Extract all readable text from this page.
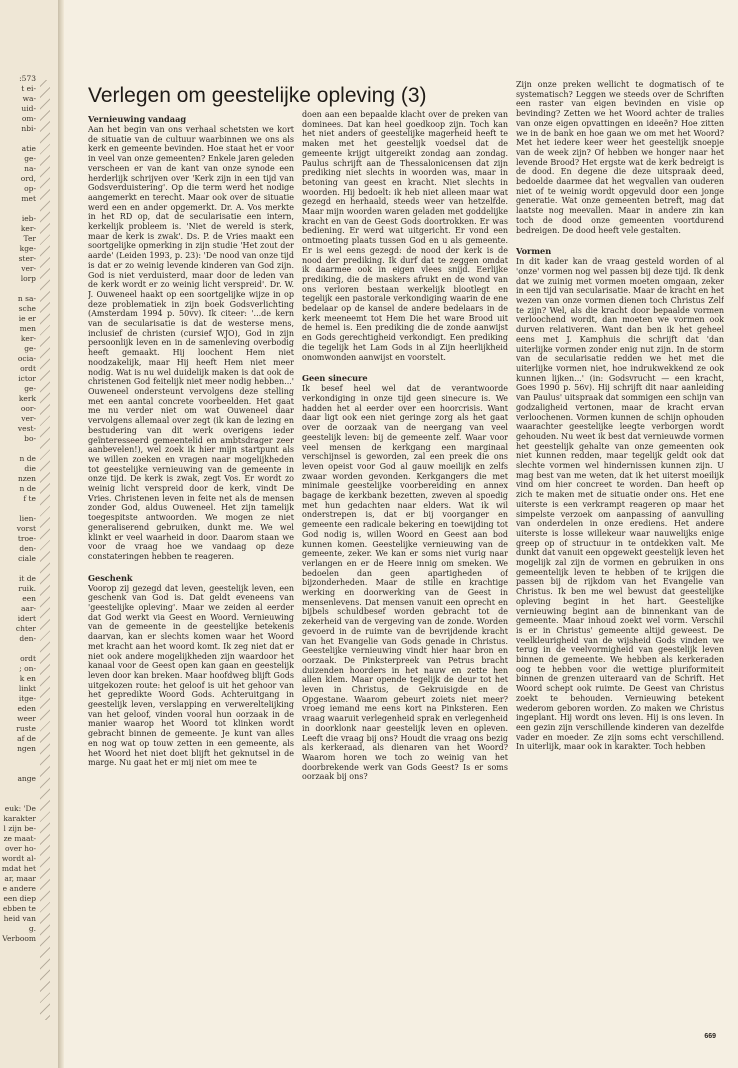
:573
t ei-
wa-
uid-
om-
nbi-

atie
ge-
na-
ord,
op-
met

ieb-
ker-
Ter
kge-
ster-
ver-
lorp

n sa-
sche
ie er
men
ker-
ge-
ocia-
ordt
ictor
ge-
kerk
oor-
ver-
vest-
bo-

n de
die
nzen
n de
f te

lien-
vorst
troe-
den-
ciale

it de
ruik.
een
aar-
idert
chter
den-

ordt
; on-
k en
linkt
itge-
eden
weer
ruste
af de
ngen

ange

euk: 'De
karakter
l zijn be-
ze maat-
over ho-
wordt al-
mdat het
ar, maar
e andere
een diep
ebben te
heid van
g.
Verboom
Verlegen om geestelijke opleving (3)
Vernieuwing vandaag

Aan het begin van ons verhaal schetsten we kort de situatie van de cultuur waarbinnen we ons als kerk en gemeente bevinden. Hoe staat het er voor in veel van onze gemeenten? Enkele jaren geleden verscheen er van de kant van onze synode een herderlijk schrijven over 'Kerk zijn in een tijd van Godsverduistering'. Op die term werd het nodige aangemerkt en terecht. Maar ook over de situatie werd een en ander opgemerkt. Dr. A. Vos merkte in het RD op, dat de secularisatie een intern, kerkelijk probleem is. 'Niet de wereld is sterk, maar de kerk is zwak'. Ds. P. de Vries maakt een soortgelijke opmerking in zijn studie 'Het zout der aarde' (Leiden 1993, p. 23): 'De nood van onze tijd is dat er zo weinig levende kinderen van God zijn. God is niet verduisterd, maar door de leden van de kerk wordt er zo weinig licht verspreid'. Dr. W. J. Ouweneel haakt op een soortgelijke wijze in op deze problematiek in zijn boek Godsverlichting (Amsterdam 1994 p. 50vv). Ik citeer: '...de kern van de secularisatie is dat de westerse mens, inclusief de christen (cursief WJO), God in zijn persoonlijk leven en in de samenleving overbodig heeft gemaakt. Hij loochent Hem niet noodzakelijk, maar Hij heeft Hem niet meer nodig. Wat is nu wel duidelijk maken is dat ook de christenen God feitelijk niet meer nodig hebben...' Ouweneel ondersteunt vervolgens deze stelling met een aantal concrete voorbeelden. Het gaat me nu verder niet om wat Ouweneel daar vervolgens allemaal over zegt (ik kan de lezing en bestudering van dit werk overigens ieder geïnteresseerd gemeentelid en ambtsdrager zeer aanbevelen!), wel zoek ik hier mijn startpunt als we willen zoeken en vragen naar mogelijkheden tot geestelijke vernieuwing van de gemeente in onze tijd. De kerk is zwak, zegt Vos. Er wordt zo weinig licht verspreid door de kerk, vindt De Vries. Christenen leven in feite net als de mensen zonder God, aldus Ouweneel. Het zijn tamelijk toegespitste antwoorden. We mogen ze niet generaliserend gebruiken, dunkt me. We wel klinkt er veel waarheid in door. Daarom staan we voor de vraag hoe we vandaag op deze constateringen hebben te reageren.

Geschenk

Voorop zij gezegd dat leven, geestelijk leven, een geschenk van God is. Dat geldt eveneens van 'geestelijke opleving'. Maar we zeiden al eerder dat God werkt via Geest en Woord. Vernieuwing van de gemeente in de geestelijke betekenis daarvan, kan er slechts komen waar het Woord met kracht aan het woord komt. Ik zeg niet dat er niet ook andere mogelijkheden zijn waardoor het kanaal voor de Geest open kan gaan en geestelijk leven door kan breken. Maar hoofdweg blijft Gods uitgekozen route: het geloof is uit het gehoor van het gepredikte Woord Gods. Achteruitgang in geestelijk leven, verslapping en verwereltelijking van het geloof, vinden vooral hun oorzaak in de manier waarop het Woord tot klinken wordt gebracht binnen de gemeente. Je kunt van alles en nog wat op touw zetten in een gemeente, als het Woord het niet doet blijft het geknutsel in de marge. Nu gaat het er mij niet om mee te

doen aan een bepaalde klacht over de preken van dominees. Dat kan heel goedkoop zijn. Toch kan het niet anders of geestelijke magerheid heeft te maken met het geestelijk voedsel dat de gemeente krijgt uitgereikt zondag aan zondag. Paulus schrijft aan de Thessalonicensen dat zijn prediking niet slechts in woorden was, maar in betoning van geest en kracht. Niet slechts in woorden. Hij bedoelt: ik heb niet alleen maar wat gezegd en herhaald, steeds weer van hetzelfde. Maar mijn woorden waren geladen met goddelijke kracht en van de Geest Gods doortrokken. Er was bediening. Er werd wat uitgericht. Er vond een ontmoeting plaats tussen God en u als gemeente. Er is wel eens gezegd: de nood der kerk is de nood der prediking. Ik durf dat te zeggen omdat ik daarmee ook in eigen vlees snijd. Eerlijke prediking, die de maskers afrukt en de wond van ons verloren bestaan werkelijk blootlegt en tegelijk een pastorale verkondiging waarin de ene bedelaar op de kansel de andere bedelaars in de kerk meeneemt tot Hem Die het ware Brood uit de hemel is. Een prediking die de zonde aanwijst en Gods gerechtigheid verkondigt. Een prediking die tegelijk het Lam Gods in al Zijn heerlijkheid onomwonden aanwijst en voorstelt.

Geen sinecure

Ik besef heel wel dat de verantwoorde verkondiging in onze tijd geen sinecure is. We hadden het al eerder over een hoorcrisis. Want daar ligt ook een niet geringe zorg als het gaat over de oorzaak van de neergang van veel geestelijk leven: bij de gemeente zelf. Waar voor veel mensen de kerkgang een marginaal verschijnsel is geworden, zal een preek die ons leven opeist voor God al gauw moeilijk en zelfs zwaar worden gevonden. Kerkgangers die met minimale geestelijke voorbereiding en annex bagage de kerkbank bezetten, zweven al spoedig met hun gedachten naar elders. Wat ik wil onderstrepen is, dat er bij voorganger en gemeente een radicale bekering en toewijding tot God nodig is, willen Woord en Geest aan bod kunnen komen. Geestelijke vernieuwing van de gemeente, zeker. We kan er soms niet vurig naar verlangen en er de Heere innig om smeken. We bedoelen dan geen apartigheden of bijzonderheden. Maar de stille en krachtige werking en doorwerking van de Geest in mensenlevens. Dat mensen vanuit een oprecht en bijbels schuldbesef worden gebracht tot de zekerheid van de vergeving van de zonde. Worden gevoerd in de ruimte van de bevrijdende kracht van het Evangelie van Gods genade in Christus. Geestelijke vernieuwing vindt hier haar bron en oorzaak. De Pinksterpreek van Petrus bracht duizenden hoorders in het nauw en zette hen allen klem. Maar opende tegelijk de deur tot het leven in Christus, de Gekruisigde en de Opgestane. Waarom gebeurt zoiets niet meer? vroeg iemand me eens kort na Pinksteren. Een vraag waaruit verlegenheid sprak en verlegenheid in doorklonk naar geestelijk leven en opleven. Leeft die vraag bij ons? Houdt die vraag ons bezig als kerkeraad, als dienaren van het Woord? Waarom horen we toch zo weinig van het doorbrekende werk van Gods Geest? Is er soms oorzaak bij ons?

Zijn onze preken wellicht te dogmatisch of te systematisch? Leggen we steeds over de Schriften een raster van eigen bevinden en visie op bevinding? Zetten we het Woord achter de tralies van onze eigen opvattingen en ideeën? Hoe zitten we in de bank en hoe gaan we om met het Woord? Met het iedere keer weer het geestelijk snoepje van de week zijn? Of hebben we honger naar het levende Brood? Het ergste wat de kerk bedreigt is de dood. En degene die deze uitspraak deed, bedoelde daarmee dat het wegvallen van ouderen niet of te weinig wordt opgevuld door een jonge generatie. Wat onze gemeenten betreft, mag dat laatste nog meevallen. Maar in andere zin kan toch de dood onze gemeenten voortdurend bedreigen. De dood heeft vele gestalten.

Vormen

In dit kader kan de vraag gesteld worden of al 'onze' vormen nog wel passen bij deze tijd. Ik denk dat we zuinig met vormen moeten omgaan, zeker in een tijd van secularisatie. Maar de kracht en het wezen van onze vormen dienen toch Christus Zelf te zijn? Wel, als die kracht door bepaalde vormen verloochend wordt, dan moeten we vormen ook durven relativeren. Want dan ben ik het geheel eens met J. Kamphuis die schrijft dat 'dan uiterlijke vormen zonder enig nut zijn. In de storm van de secularisatie redden we het met die uiterlijke vormen niet, hoe indrukwekkend ze ook kunnen lijken...' (in: Godsvrucht — een kracht, Goes 1990 p. 56v). Hij schrijft dit naar aanleiding van Paulus' uitspraak dat sommigen een schijn van godzaligheid vertonen, maar de kracht ervan verloochenen. Vormen kunnen de schijn ophouden waarachter geestelijke leegte verborgen wordt gehouden. Nu weet ik best dat vernieuwde vormen het geestelijk gehalte van onze gemeenten ook niet kunnen redden, maar tegelijk geldt ook dat slechte vormen wel hindernissen kunnen zijn. U mag best van me weten, dat ik het uiterst moeilijk vind om hier concreet te worden. Dan heeft op zich te maken met de situatie onder ons. Het ene uiterste is een verkrampt reageren op maar het simpelste verzoek om aanpassing of aanvulling van onderdelen in onze erediens. Het andere uiterste is losse willekeur waar nauwelijks enige greep op of structuur in te ontdekken valt. Me dunkt dat vanuit een opgewekt geestelijk leven het mogelijk zal zijn de vormen en gebruiken in ons gemeentelijk leven te hebben of te krijgen die passen bij de rijkdom van het Evangelie van Christus. Ik ben me wel bewust dat geestelijke opleving begint in het hart. Geestelijke vernieuwing begint aan de binnenkant van de gemeente. Maar inhoud zoekt wel vorm. Verschil is er in Christus' gemeente altijd geweest. De veelkleurigheid van de wijsheid Gods vinden we terug in de veelvormigheid van geestelijk leven binnen de gemeente. We hebben als kerkeraden oog te hebben voor die wettige pluriformiteit binnen de grenzen uiteraard van de Schrift. Het Woord schept ook ruimte. De Geest van Christus zoekt te behouden. Vernieuwing betekent wederom geboren worden. Zo maken we Christus ingeplant. Hij wordt ons leven. Hij is ons leven. In een gezin zijn verschillende kinderen van dezelfde vader en moeder. Ze zijn soms echt verschillend. In uiterlijk, maar ook in karakter. Toch hebben

669
